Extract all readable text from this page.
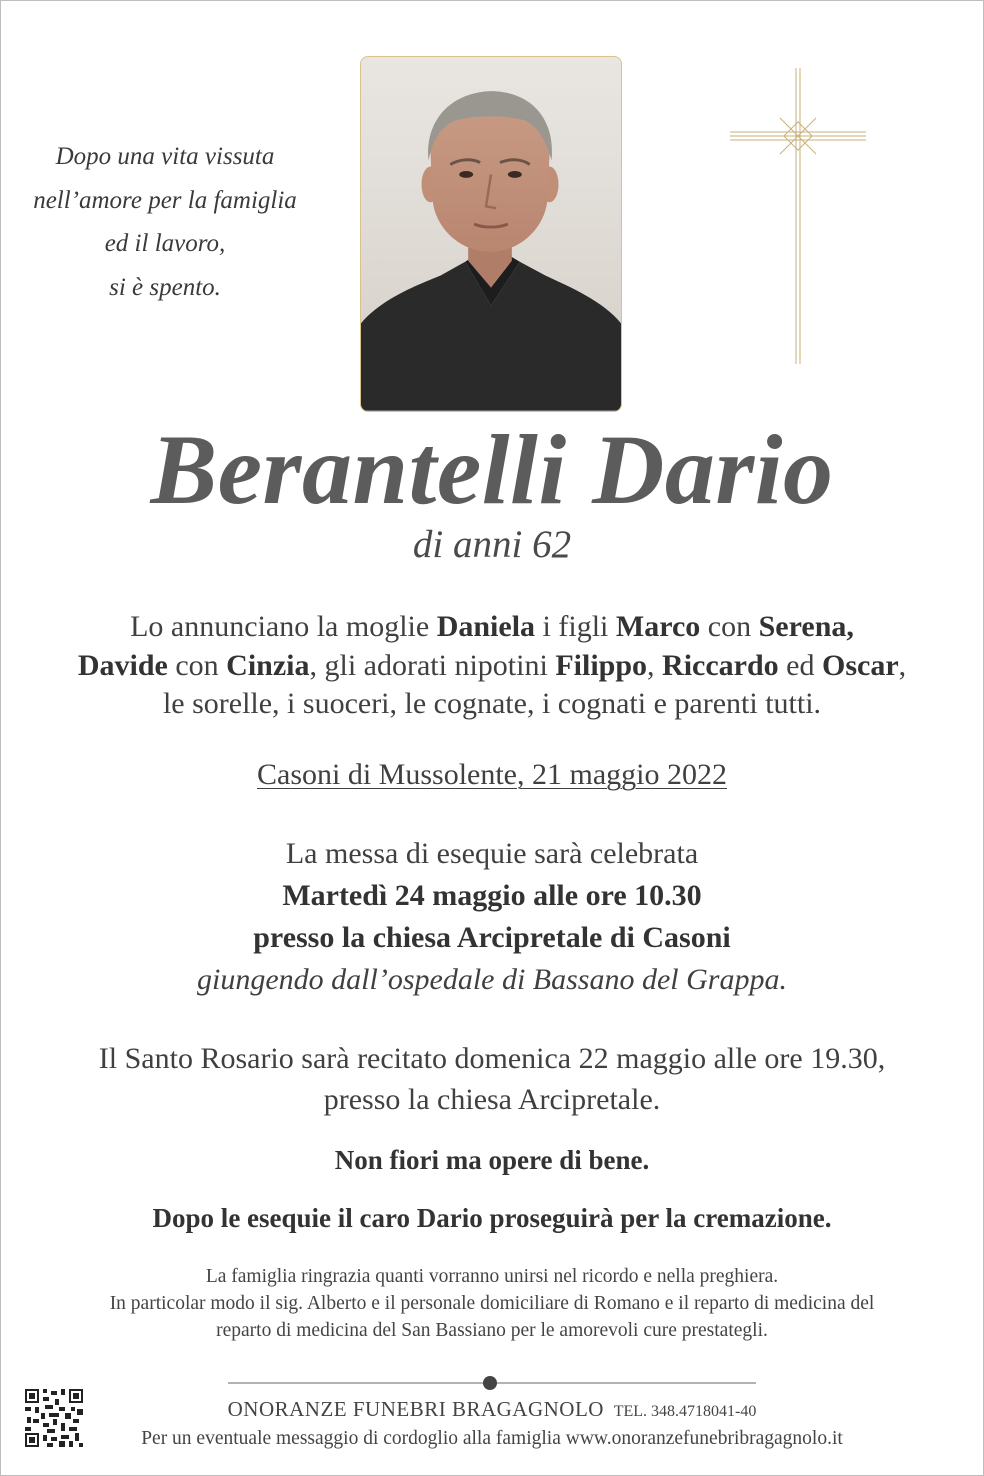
Dopo una vita vissuta
nell’amore per la famiglia
ed il lavoro,
si è spento.
Berantelli Dario
di anni 62
Lo annunciano la moglie Daniela i figli Marco con Serena,
Davide con Cinzia, gli adorati nipotini Filippo, Riccardo ed Oscar,
le sorelle, i suoceri, le cognate, i cognati e parenti tutti.
Casoni di Mussolente, 21 maggio 2022
La messa di esequie sarà celebrata
Martedì 24 maggio alle ore 10.30
presso la chiesa Arcipretale di Casoni
giungendo dall’ospedale di Bassano del Grappa.
Il Santo Rosario sarà recitato domenica 22 maggio alle ore 19.30,
presso la chiesa Arcipretale.
Non fiori ma opere di bene.
Dopo le esequie il caro Dario proseguirà per la cremazione.
La famiglia ringrazia quanti vorranno unirsi nel ricordo e nella preghiera.
In particolar modo il sig. Alberto e il personale domiciliare di Romano e il reparto di medicina del
reparto di medicina del San Bassiano per le amorevoli cure prestategli.
ONORANZE FUNEBRI BRAGAGNOLO TEL. 348.4718041-40
Per un eventuale messaggio di cordoglio alla famiglia www.onoranzefunebribragagnolo.it
